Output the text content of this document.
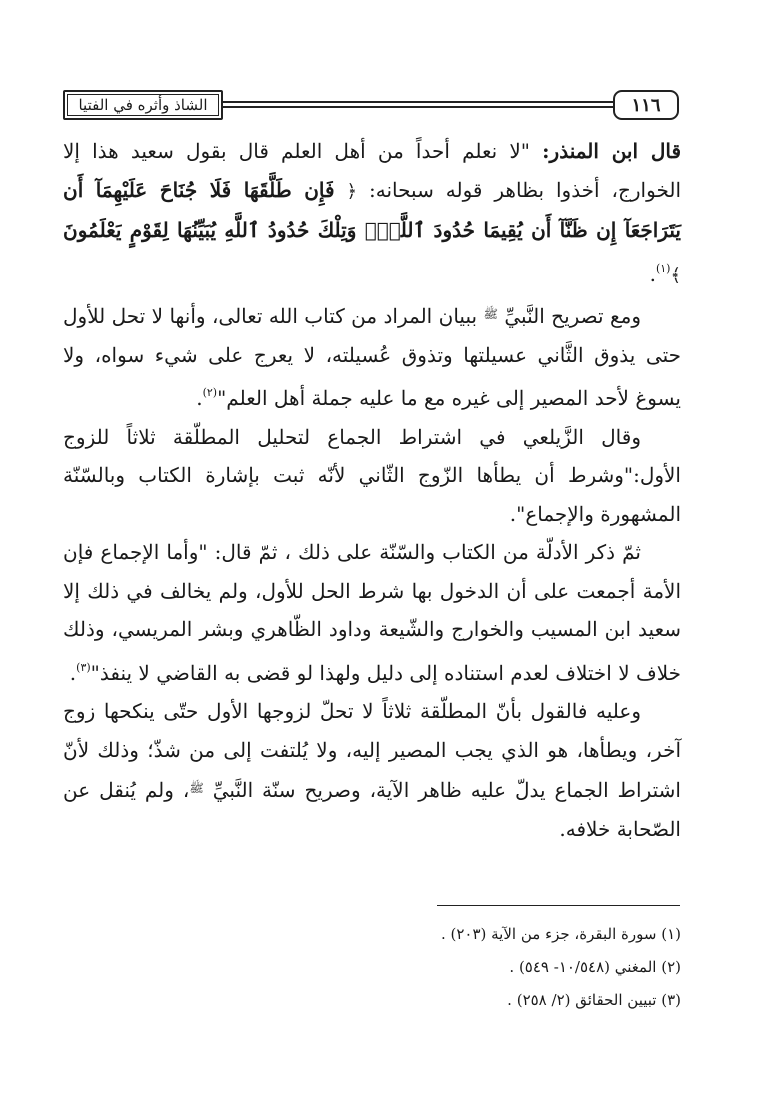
الشاذ وأثره في الفتيا	١١٦

قال ابن المنذر: "لا نعلم أحداً من أهل العلم قال بقول سعيد هذا إلا الخوارج، أخذوا بظاهر قوله سبحانه: ﴿ فَإِن طَلَّقَهَا فَلَا جُنَاحَ عَلَيْهِمَآ أَن يَتَرَاجَعَآ إِن ظَنَّآ أَن يُقِيمَا حُدُودَ ٱللَّهِۗ وَتِلْكَ حُدُودُ ٱللَّهِ يُبَيِّنُهَا لِقَوْمٍ يَعْلَمُونَ ﴾$^{(١)}$.

ومع تصريح النَّبيِّ $^ﷺ$ ببيان المراد من كتاب الله تعالى، وأنها لا تحل للأول حتى يذوق الثَّاني عسيلتها وتذوق عُسيلته، لا يعرج على شيء سواه، ولا يسوغ لأحد المصير إلى غيره مع ما عليه جملة أهل العلم"$^{(٢)}$.

وقال الزَّيلعي في اشتراط الجماع لتحليل المطلّقة ثلاثاً للزوج الأول:"وشرط أن يطأها الزّوج الثّاني لأنّه ثبت بإشارة الكتاب وبالسّنّة المشهورة والإجماع".

ثمّ ذكر الأدلّة من الكتاب والسّنّة على ذلك ، ثمّ قال: "وأما الإجماع فإن الأمة أجمعت على أن الدخول بها شرط الحل للأول، ولم يخالف في ذلك إلا سعيد ابن المسيب والخوارج والشّيعة وداود الظّاهري وبشر المريسي، وذلك خلاف لا اختلاف لعدم استناده إلى دليل ولهذا لو قضى به القاضي لا ينفذ"$^{(٣)}$.

وعليه فالقول بأنّ المطلّقة ثلاثاً لا تحلّ لزوجها الأول حتّى ينكحها زوج آخر، ويطأها، هو الذي يجب المصير إليه، ولا يُلتفت إلى من شذّ؛ وذلك لأنّ اشتراط الجماع يدلّ عليه ظاهر الآية، وصريح سنّة النَّبيِّ $^ﷺ$، ولم يُنقل عن الصّحابة خلافه.

(١) سورة البقرة، جزء من الآية (٢٠٣) .
(٢) المغني (١٠/٥٤٨- ٥٤٩) .
(٣) تبيين الحقائق (٢/ ٢٥٨) .
